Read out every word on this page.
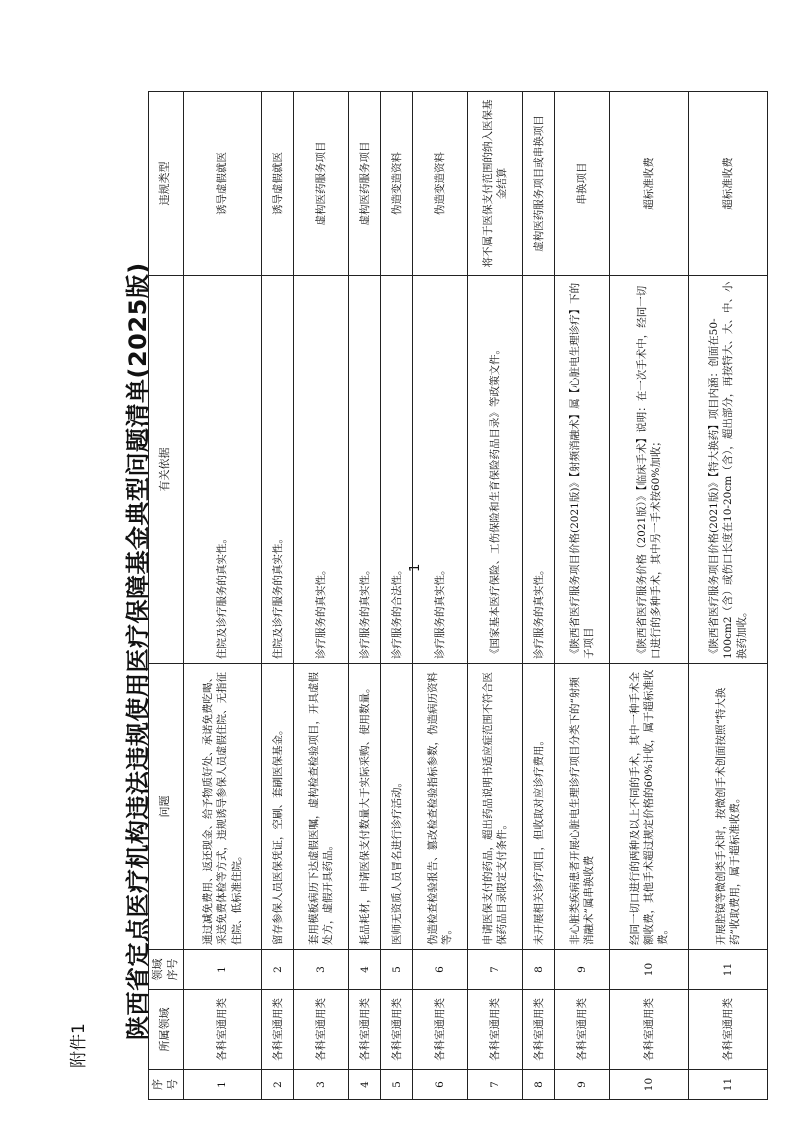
附件1
陕西省定点医疗机构违法违规使用医疗保障基金典型问题清单(2025版)	1
序号	所属领域	领域序号	问题	有关依据	违规类型
1	各科室通用类	1	通过减免费用、返还现金、给予物质好处、承诺免费吃喝、采送免费体检等方式，违规诱导参保人员虚假住院、无指征住院、低标准住院。	住院及诊疗服务的真实性。	诱导虚假就医
2	各科室通用类	2	留存参保人员医保凭证，空刷、套刷医保基金。	住院及诊疗服务的真实性。	诱导虚假就医
3	各科室通用类	3	套用模板病历下达虚假医嘱，虚构检查检验项目，开具虚假处方，虚假开具药品。	诊疗服务的真实性。	虚构医药服务项目
4	各科室通用类	4	耗品耗材，申请医保支付数量大于实际采购、使用数量。	诊疗服务的真实性。	虚构医药服务项目
5	各科室通用类	5	医师无资质人员冒名进行诊疗活动。	诊疗服务的合法性。	伪造变造资料
6	各科室通用类	6	伪造检查检验报告、篡改检查检验指标参数，伪造病历资料等。	诊疗服务的真实性。	伪造变造资料
7	各科室通用类	7	申请医保支付的药品，超出药品说明书适应症范围不符合医保药品目录限定支付条件。	《国家基本医疗保险、工伤保险和生育保险药品目录》等政策文件。	将不属于医保支付范围的纳入医保基金结算
8	各科室通用类	8	未开展相关诊疗项目，但收取对应诊疗费用。	诊疗服务的真实性。	虚构医药服务项目或串换项目
9	各科室通用类	9	非心脏类疾病患者开展心脏电生理诊疗项目分类下的“射频消融术”属串换收费	《陕西省医疗服务项目价格(2021版)》【射频消融术】属【心脏电生理诊疗】下的子项目	串换项目
10	各科室通用类	10	经同一切口进行的两种及以上不同的手术，其中一种手术全额收费，其他手术超过规定价格的60%计收，属于超标准收费。	《陕西省医疗服务价格（2021版）》【临床手术】说明：在一次手术中，经同一切口进行的多种手术，其中另一手术按60%加收；	超标准收费
11	各科室通用类	11	开展腔镜等微创类手术时，按微创手术创面按照“特大换药”收取费用，属于超标准收费。	《陕西省医疗服务项目价格(2021版)》【特大换药】项目内涵：创面在50-100cm2（含）或伤口长度在10-20cm（含），超出部分，再按特大、大、中、小换药加收。	超标准收费
